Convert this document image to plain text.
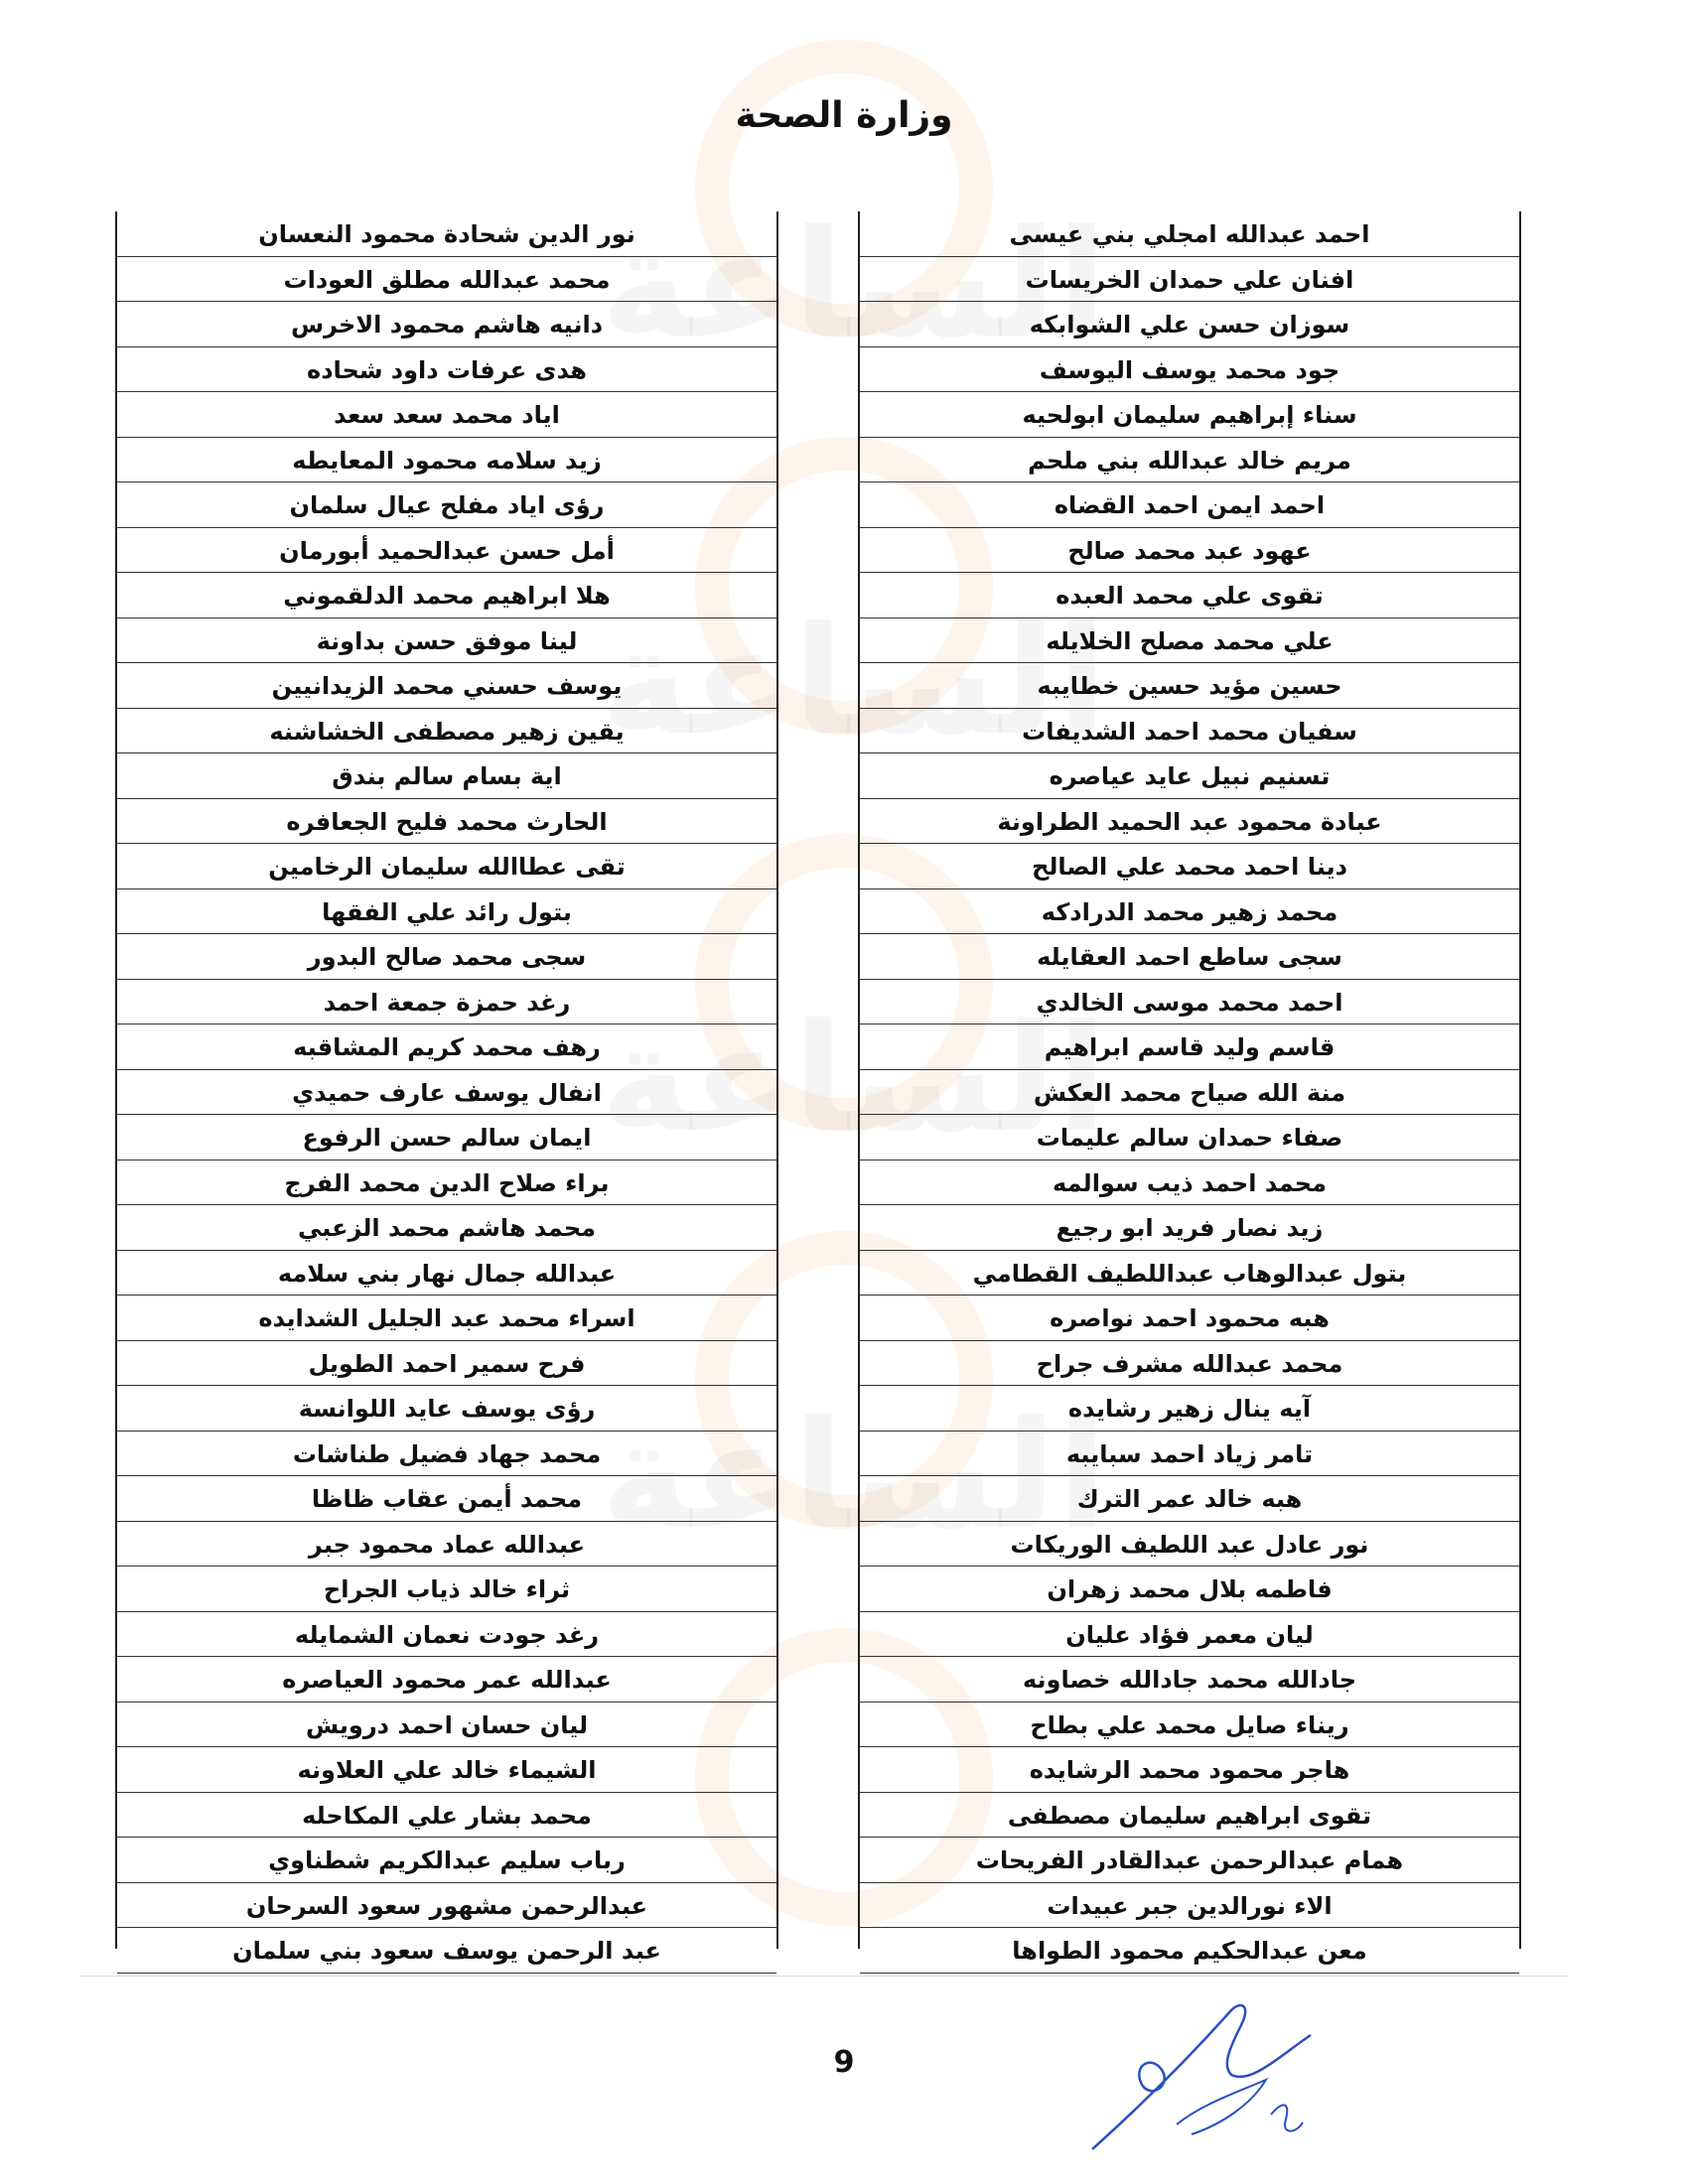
الساعة
الساعة
الساعة
الساعة
وزارة الصحة
احمد عبدالله امجلي بني عيسى
افنان علي حمدان الخريسات
سوزان حسن علي الشوابكه
جود محمد يوسف اليوسف
سناء إبراهيم سليمان ابولحيه
مريم خالد عبدالله بني ملحم
احمد ايمن احمد القضاه
عهود عبد محمد صالح
تقوى علي محمد العبده
علي محمد مصلح الخلايله
حسين مؤيد حسين خطايبه
سفيان محمد احمد الشديفات
تسنيم نبيل عايد عياصره
عبادة محمود عبد الحميد الطراونة
دينا احمد محمد علي الصالح
محمد زهير محمد الدرادكه
سجى ساطع احمد العقايله
احمد محمد موسى الخالدي
قاسم وليد قاسم ابراهيم
منة الله صياح محمد العكش
صفاء حمدان سالم عليمات
محمد احمد ذيب سوالمه
زيد نصار فريد ابو رجيع
بتول عبدالوهاب عبداللطيف القطامي
هبه محمود احمد نواصره
محمد عبدالله مشرف جراح
آيه ينال زهير رشايده
تامر زياد احمد سبايبه
هبه خالد عمر الترك
نور عادل عبد اللطيف الوريكات
فاطمه بلال محمد زهران
ليان معمر فؤاد عليان
جادالله محمد جادالله خصاونه
ريناء صايل محمد علي بطاح
هاجر محمود محمد الرشايده
تقوى ابراهيم سليمان مصطفى
همام عبدالرحمن عبدالقادر الفريحات
الاء نورالدين جبر عبيدات
معن عبدالحكيم محمود الطواها
نور الدين شحادة محمود النعسان
محمد عبدالله مطلق العودات
دانيه هاشم محمود الاخرس
هدى عرفات داود شحاده
اياد محمد سعد سعد
زيد سلامه محمود المعايطه
رؤى اياد مفلح عيال سلمان
أمل حسن عبدالحميد أبورمان
هلا ابراهيم محمد الدلقموني
لينا موفق حسن بداونة
يوسف حسني محمد الزيدانيين
يقين زهير مصطفى الخشاشنه
اية بسام سالم بندق
الحارث محمد فليح الجعافره
تقى عطاالله سليمان الرخامين
بتول رائد علي الفقها
سجى محمد صالح البدور
رغد حمزة جمعة احمد
رهف محمد كريم المشاقبه
انفال يوسف عارف حميدي
ايمان سالم حسن الرفوع
براء صلاح الدين محمد الفرج
محمد هاشم محمد الزعبي
عبدالله جمال نهار بني سلامه
اسراء محمد عبد الجليل الشدايده
فرح سمير احمد الطويل
رؤى يوسف عايد اللوانسة
محمد جهاد فضيل طناشات
محمد أيمن عقاب ظاظا
عبدالله عماد محمود جبر
ثراء خالد ذياب الجراح
رغد جودت نعمان الشمايله
عبدالله عمر محمود العياصره
ليان حسان احمد درويش
الشيماء خالد علي العلاونه
محمد بشار علي المكاحله
رباب سليم عبدالكريم شطناوي
عبدالرحمن مشهور سعود السرحان
عبد الرحمن يوسف سعود بني سلمان
9
